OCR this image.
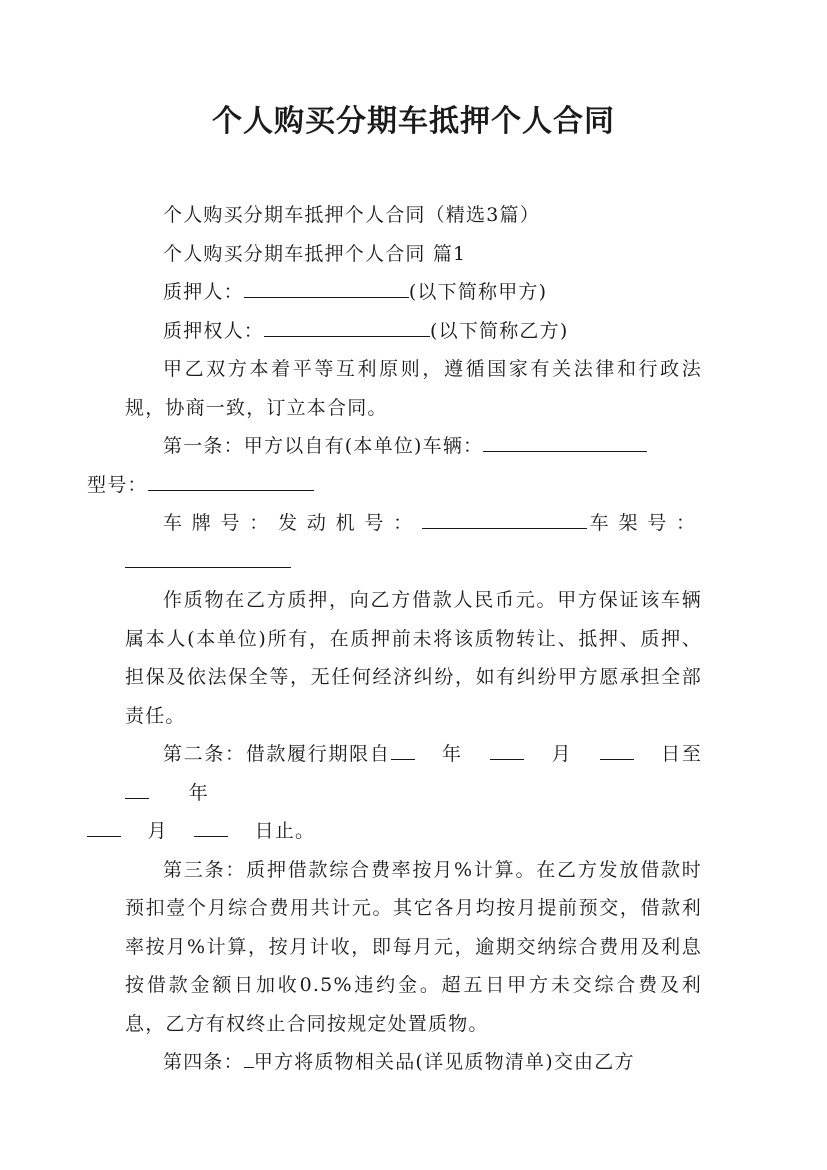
个人购买分期车抵押个人合同

个人购买分期车抵押个人合同（精选3篇）

个人购买分期车抵押个人合同 篇1

质押人：	(以下简称甲方)

质押权人：	(以下简称乙方)

甲乙双方本着平等互利原则，遵循国家有关法律和行政法规，协商一致，订立本合同。

第一条：甲方以自有(本单位)车辆：
型号：

车牌号：发动机号：	车架号：

作质物在乙方质押，向乙方借款人民币元。甲方保证该车辆属本人(本单位)所有，在质押前未将该质物转让、抵押、质押、担保及依法保全等，无任何经济纠纷，如有纠纷甲方愿承担全部责任。

第二条：借款履行期限自	年	月	日至   年
月	日止。

第三条：质押借款综合费率按月%计算。在乙方发放借款时预扣壹个月综合费用共计元。其它各月均按月提前预交，借款利率按月%计算，按月计收，即每月元，逾期交纳综合费用及利息按借款金额日加收0.5%违约金。超五日甲方未交综合费及利息，乙方有权终止合同按规定处置质物。

第四条： 甲方将质物相关品(详见质物清单)交由乙方
